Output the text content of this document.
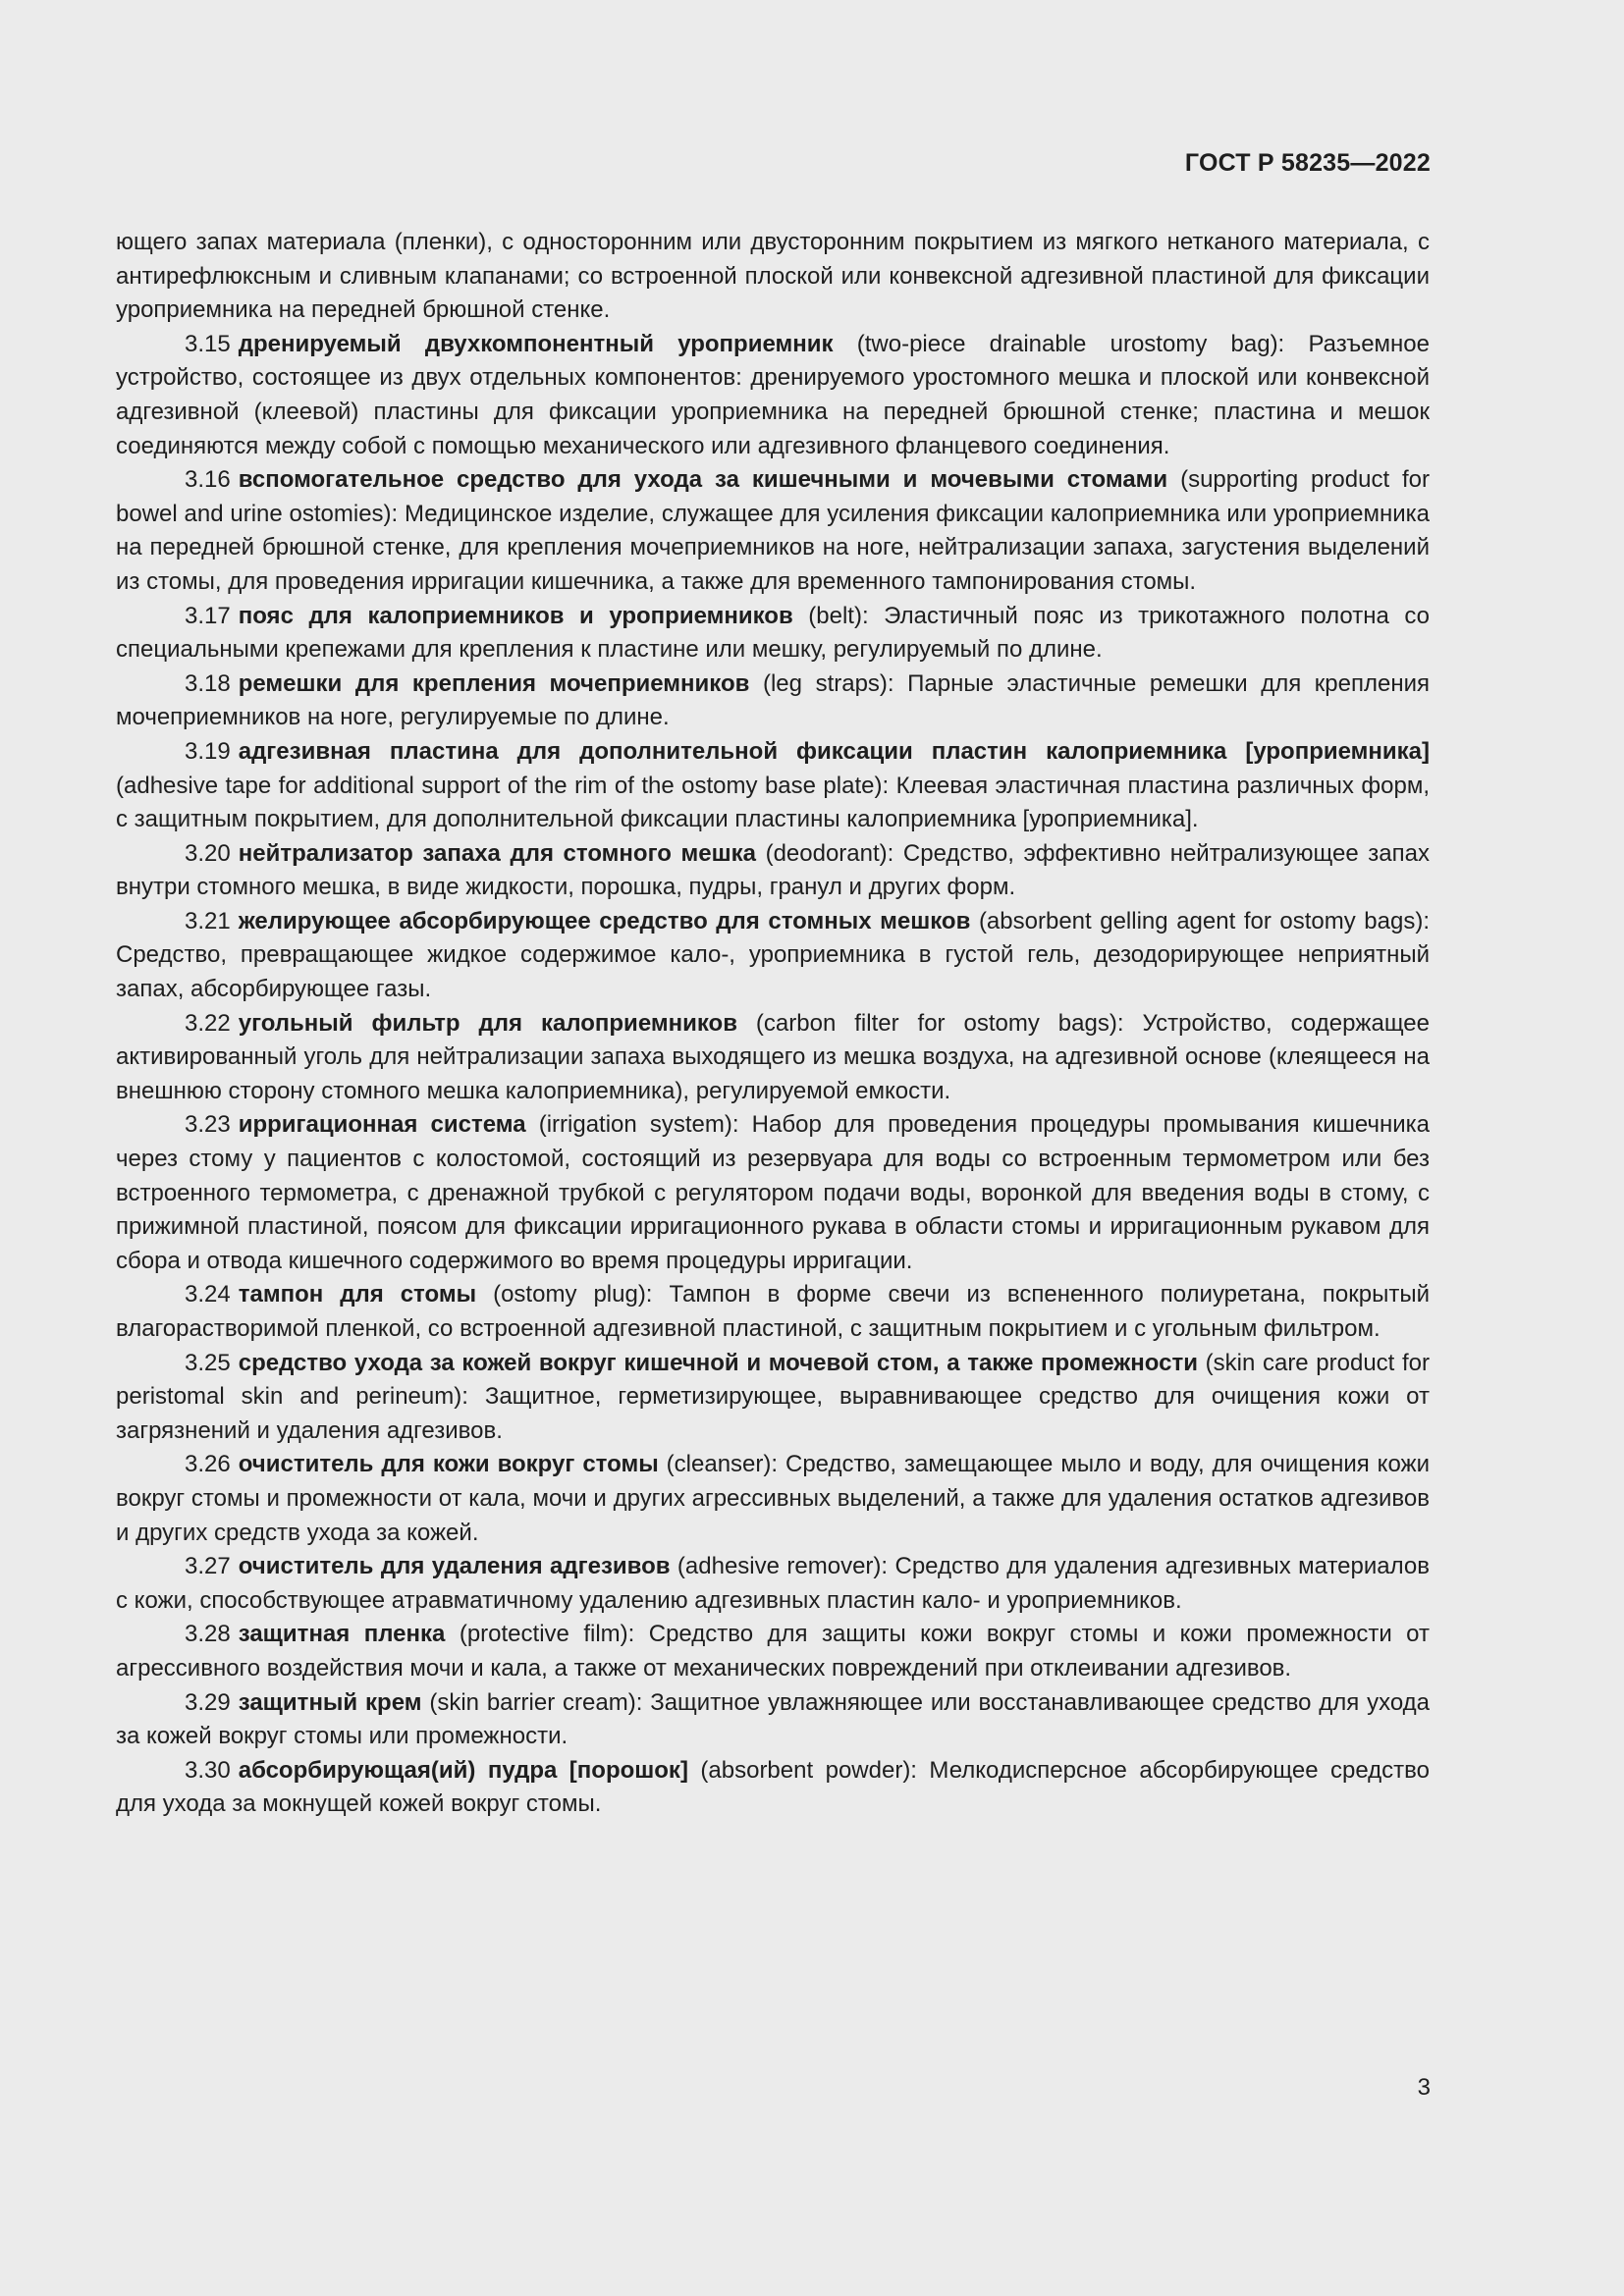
ГОСТ Р 58235—2022

ющего запах материала (пленки), с односторонним или двусторонним покрытием из мягкого нетканого материала, с антирефлюксным и сливным клапанами; со встроенной плоской или конвексной адгезивной пластиной для фиксации уроприемника на передней брюшной стенке.

3.15 дренируемый двухкомпонентный уроприемник (two-piece drainable urostomy bag): Разъемное устройство, состоящее из двух отдельных компонентов: дренируемого уростомного мешка и плоской или конвексной адгезивной (клеевой) пластины для фиксации уроприемника на передней брюшной стенке; пластина и мешок соединяются между собой с помощью механического или адгезивного фланцевого соединения.

3.16 вспомогательное средство для ухода за кишечными и мочевыми стомами (supporting product for bowel and urine ostomies): Медицинское изделие, служащее для усиления фиксации калоприемника или уроприемника на передней брюшной стенке, для крепления мочеприемников на ноге, нейтрализации запаха, загустения выделений из стомы, для проведения ирригации кишечника, а также для временного тампонирования стомы.

3.17 пояс для калоприемников и уроприемников (belt): Эластичный пояс из трикотажного полотна со специальными крепежами для крепления к пластине или мешку, регулируемый по длине.

3.18 ремешки для крепления мочеприемников (leg straps): Парные эластичные ремешки для крепления мочеприемников на ноге, регулируемые по длине.

3.19 адгезивная пластина для дополнительной фиксации пластин калоприемника [уроприемника] (adhesive tape for additional support of the rim of the ostomy base plate): Клеевая эластичная пластина различных форм, с защитным покрытием, для дополнительной фиксации пластины калоприемника [уроприемника].

3.20 нейтрализатор запаха для стомного мешка (deodorant): Средство, эффективно нейтрализующее запах внутри стомного мешка, в виде жидкости, порошка, пудры, гранул и других форм.

3.21 желирующее абсорбирующее средство для стомных мешков (absorbent gelling agent for ostomy bags): Средство, превращающее жидкое содержимое кало-, уроприемника в густой гель, дезодорирующее неприятный запах, абсорбирующее газы.

3.22 угольный фильтр для калоприемников (carbon filter for ostomy bags): Устройство, содержащее активированный уголь для нейтрализации запаха выходящего из мешка воздуха, на адгезивной основе (клеящееся на внешнюю сторону стомного мешка калоприемника), регулируемой емкости.

3.23 ирригационная система (irrigation system): Набор для проведения процедуры промывания кишечника через стому у пациентов с колостомой, состоящий из резервуара для воды со встроенным термометром или без встроенного термометра, с дренажной трубкой с регулятором подачи воды, воронкой для введения воды в стому, с прижимной пластиной, поясом для фиксации ирригационного рукава в области стомы и ирригационным рукавом для сбора и отвода кишечного содержимого во время процедуры ирригации.

3.24 тампон для стомы (ostomy plug): Тампон в форме свечи из вспененного полиуретана, покрытый влагорастворимой пленкой, со встроенной адгезивной пластиной, с защитным покрытием и с угольным фильтром.

3.25 средство ухода за кожей вокруг кишечной и мочевой стом, а также промежности (skin care product for peristomal skin and perineum): Защитное, герметизирующее, выравнивающее средство для очищения кожи от загрязнений и удаления адгезивов.

3.26 очиститель для кожи вокруг стомы (cleanser): Средство, замещающее мыло и воду, для очищения кожи вокруг стомы и промежности от кала, мочи и других агрессивных выделений, а также для удаления остатков адгезивов и других средств ухода за кожей.

3.27 очиститель для удаления адгезивов (adhesive remover): Средство для удаления адгезивных материалов с кожи, способствующее атравматичному удалению адгезивных пластин кало- и уроприемников.

3.28 защитная пленка (protective film): Средство для защиты кожи вокруг стомы и кожи промежности от агрессивного воздействия мочи и кала, а также от механических повреждений при отклеивании адгезивов.

3.29 защитный крем (skin barrier cream): Защитное увлажняющее или восстанавливающее средство для ухода за кожей вокруг стомы или промежности.

3.30 абсорбирующая(ий) пудра [порошок] (absorbent powder): Мелкодисперсное абсорбирующее средство для ухода за мокнущей кожей вокруг стомы.

3
